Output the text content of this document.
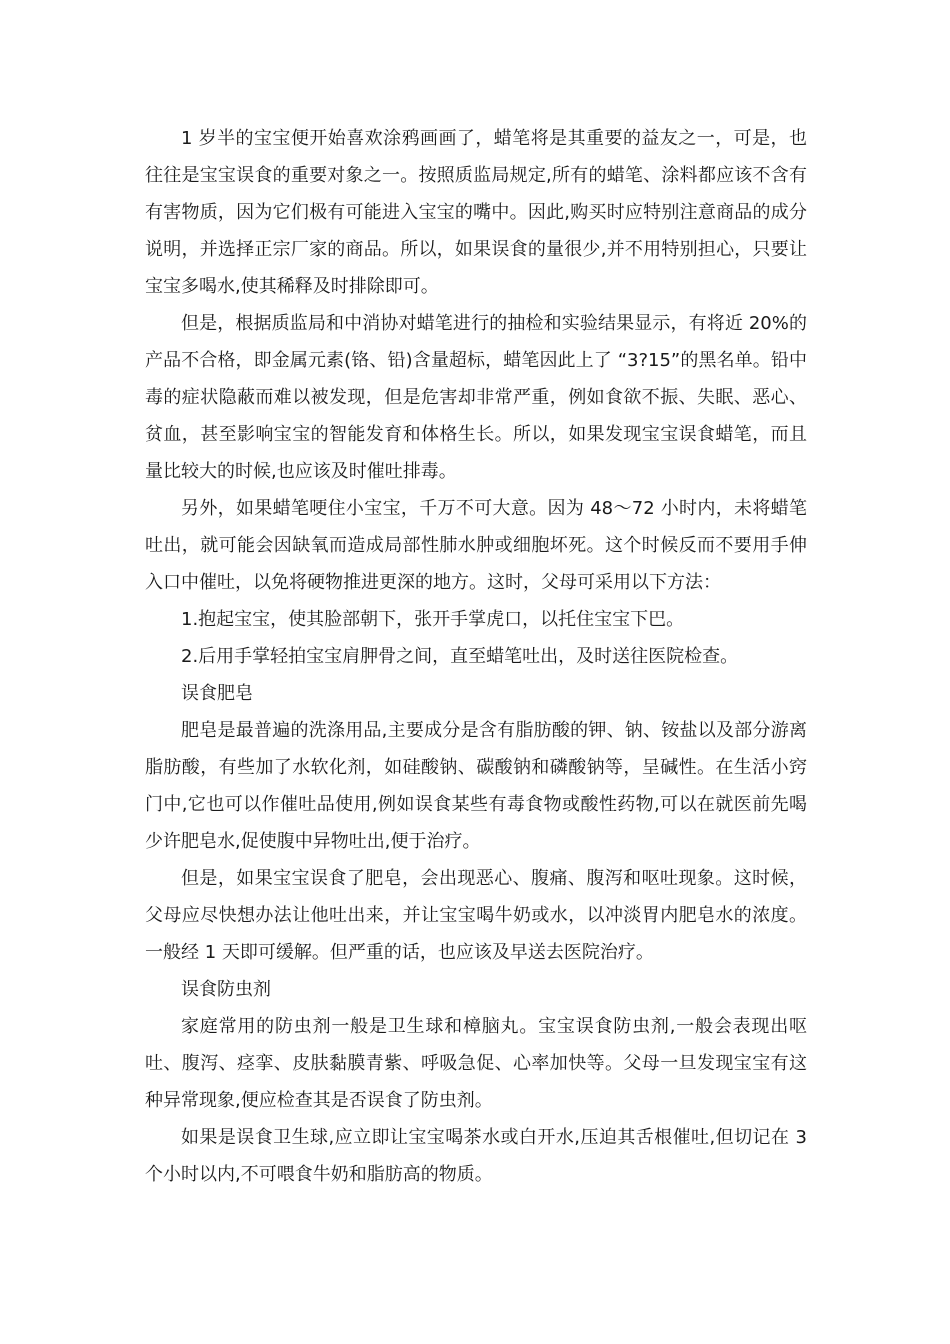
1 岁半的宝宝便开始喜欢涂鸦画画了，蜡笔将是其重要的益友之一，可是，也往往是宝宝误食的重要对象之一。按照质监局规定,所有的蜡笔、涂料都应该不含有有害物质，因为它们极有可能进入宝宝的嘴中。因此,购买时应特别注意商品的成分说明，并选择正宗厂家的商品。所以，如果误食的量很少,并不用特别担心，只要让宝宝多喝水,使其稀释及时排除即可。

但是，根据质监局和中消协对蜡笔进行的抽检和实验结果显示，有将近 20%的产品不合格，即金属元素(铬、铅)含量超标，蜡笔因此上了 “3?15”的黑名单。铅中毒的症状隐蔽而难以被发现，但是危害却非常严重，例如食欲不振、失眠、恶心、贫血，甚至影响宝宝的智能发育和体格生长。所以，如果发现宝宝误食蜡笔，而且量比较大的时候,也应该及时催吐排毒。

另外，如果蜡笔哽住小宝宝，千万不可大意。因为 48～72 小时内，未将蜡笔吐出，就可能会因缺氧而造成局部性肺水肿或细胞坏死。这个时候反而不要用手伸入口中催吐，以免将硬物推进更深的地方。这时，父母可采用以下方法：

1.抱起宝宝，使其脸部朝下，张开手掌虎口，以托住宝宝下巴。

2.后用手掌轻拍宝宝肩胛骨之间，直至蜡笔吐出，及时送往医院检查。

误食肥皂

肥皂是最普遍的洗涤用品,主要成分是含有脂肪酸的钾、钠、铵盐以及部分游离脂肪酸，有些加了水软化剂，如硅酸钠、碳酸钠和磷酸钠等，呈碱性。在生活小窍门中,它也可以作催吐品使用,例如误食某些有毒食物或酸性药物,可以在就医前先喝少许肥皂水,促使腹中异物吐出,便于治疗。

但是，如果宝宝误食了肥皂，会出现恶心、腹痛、腹泻和呕吐现象。这时候，父母应尽快想办法让他吐出来，并让宝宝喝牛奶或水，以冲淡胃内肥皂水的浓度。一般经 1 天即可缓解。但严重的话，也应该及早送去医院治疗。

误食防虫剂

家庭常用的防虫剂一般是卫生球和樟脑丸。宝宝误食防虫剂,一般会表现出呕吐、腹泻、痉挛、皮肤黏膜青紫、呼吸急促、心率加快等。父母一旦发现宝宝有这种异常现象,便应检查其是否误食了防虫剂。

如果是误食卫生球,应立即让宝宝喝茶水或白开水,压迫其舌根催吐,但切记在 3 个小时以内,不可喂食牛奶和脂肪高的物质。
